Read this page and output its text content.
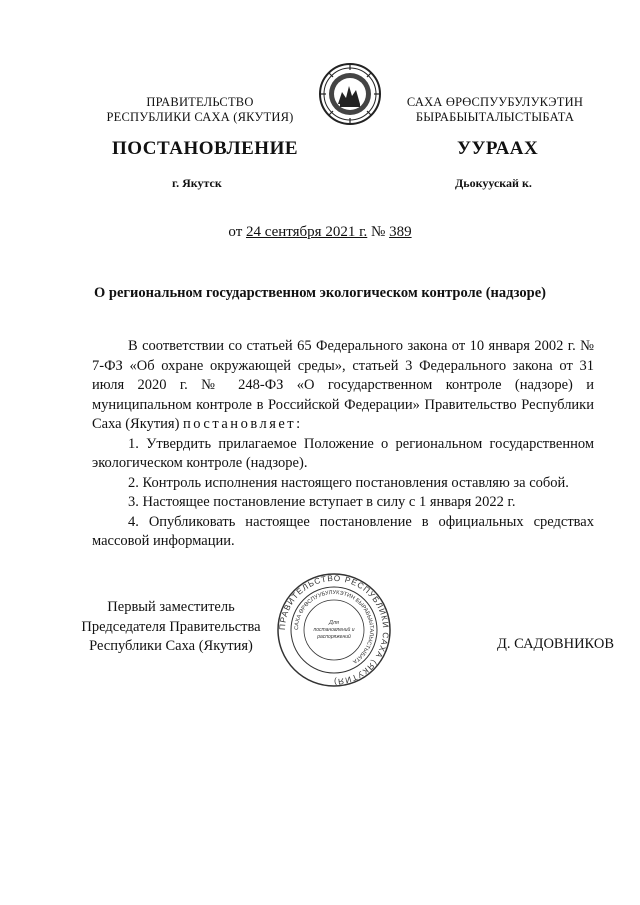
ПРАВИТЕЛЬСТВО
РЕСПУБЛИКИ САХА (ЯКУТИЯ)
САХА ӨРӨСПУУБУЛУКЭТИН
БЫРАБЫЫТАЛЫСТЫБАТА
ПОСТАНОВЛЕНИЕ	УУРААХ
г. Якутск	Дьокуускай к.
от 24 сентября 2021 г. № 389
О региональном государственном экологическом контроле (надзоре)

В соответствии со статьей 65 Федерального закона от 10 января 2002 г. № 7-ФЗ «Об охране окружающей среды», статьей 3 Федерального закона от 31 июля 2020 г. № 248-ФЗ «О государственном контроле (надзоре) и муниципальном контроле в Российской Федерации» Правительство Республики Саха (Якутия) постановляет:

1. Утвердить прилагаемое Положение о региональном государственном экологическом контроле (надзоре).

2. Контроль исполнения настоящего постановления оставляю за собой.

3. Настоящее постановление вступает в силу с 1 января 2022 г.

4. Опубликовать настоящее постановление в официальных средствах массовой информации.

Первый заместитель
Председателя Правительства
Республики Саха (Якутия)
ПРАВИТЕЛЬСТВО РЕСПУБЛИКИ САХА (ЯКУТИЯ)
САХА ӨРӨСПУУБУЛУКЭТИН БЫРАБЫЫТАЛЫСТЫБАТА
Для
постановлений и
распоряжений	Д. САДОВНИКОВ
